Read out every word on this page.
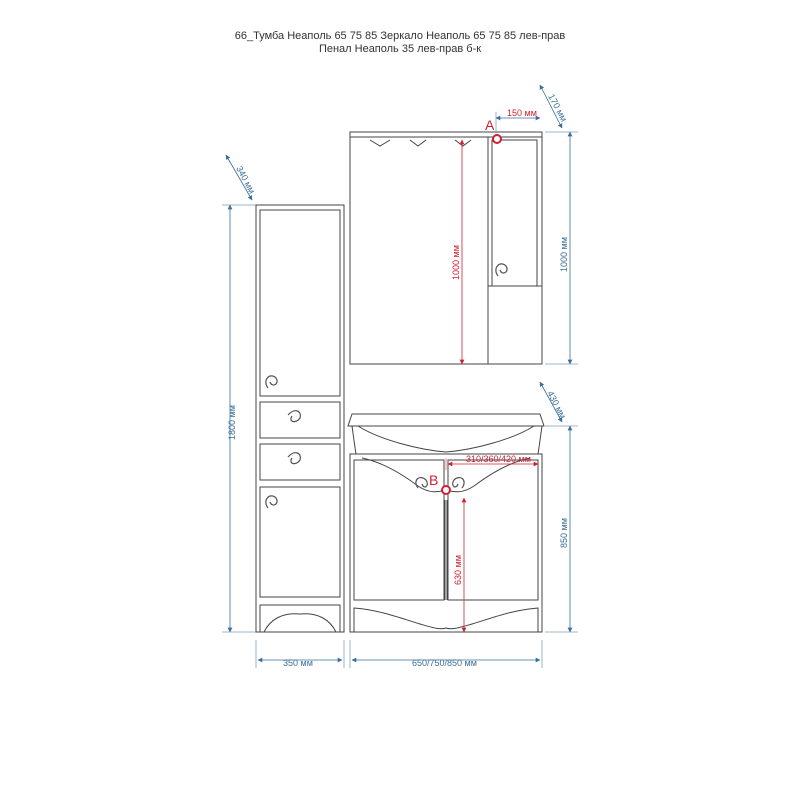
66_Тумба Неаполь 65 75 85 Зеркало Неаполь 65 75 85 лев-прав
Пенал Неаполь 35 лев-прав б-к
1800 мм
340 мм
350 мм
1000 мм	1000 мм
150 мм 170 мм
A
630 мм
310/360/420 мм
B
850 мм
430 мм
650/750/850 мм
